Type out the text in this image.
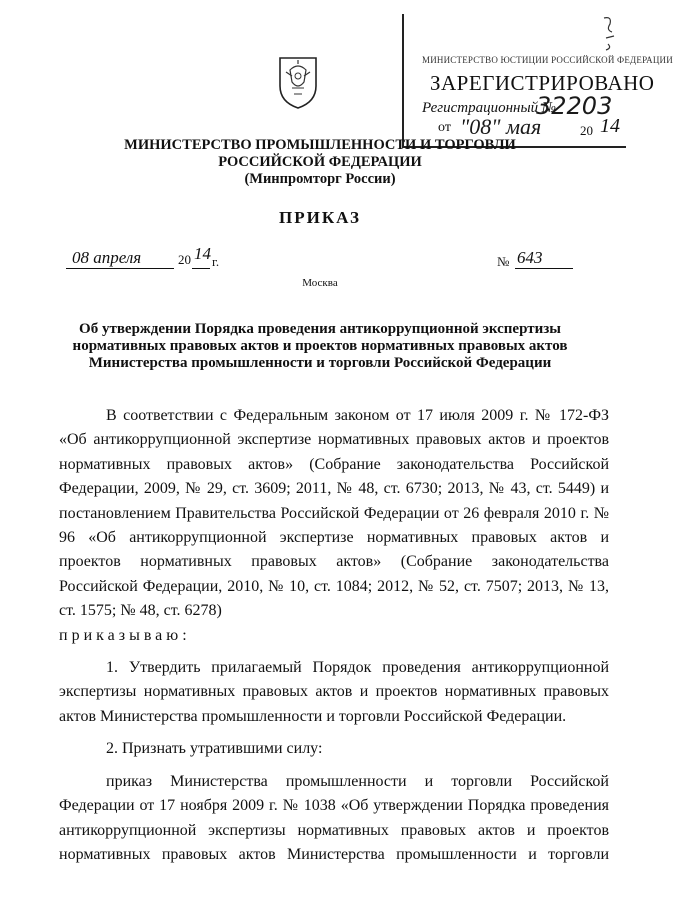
МИНИСТЕРСТВО ЮСТИЦИИ РОССИЙСКОЙ ФЕДЕРАЦИИ
ЗАРЕГИСТРИРОВАНО
Регистрационный №
32203
от "08" мая	20 14
МИНИСТЕРСТВО ПРОМЫШЛЕННОСТИ И ТОРГОВЛИ
РОССИЙСКОЙ ФЕДЕРАЦИИ
(Минпромторг России)
ПРИКАЗ
08 апреля	20 14 г.	№ 643
Москва
Об утверждении Порядка проведения антикоррупционной экспертизы
нормативных правовых актов и проектов нормативных правовых актов
Министерства промышленности и торговли Российской Федерации

В соответствии с Федеральным законом от 17 июля 2009 г. № 172-ФЗ «Об антикоррупционной экспертизе нормативных правовых актов и проектов нормативных правовых актов» (Собрание законодательства Российской Федерации, 2009, № 29, ст. 3609; 2011, № 48, ст. 6730; 2013, № 43, ст. 5449) и постановлением Правительства Российской Федерации от 26 февраля 2010 г. № 96 «Об антикоррупционной экспертизе нормативных правовых актов и проектов нормативных правовых актов» (Собрание законодательства Российской Федерации, 2010, № 10, ст. 1084; 2012, № 52, ст. 7507; 2013, № 13, ст. 1575; № 48, ст. 6278)

приказываю:

1. Утвердить прилагаемый Порядок проведения антикоррупционной экспертизы нормативных правовых актов и проектов нормативных правовых актов Министерства промышленности и торговли Российской Федерации.

2. Признать утратившими силу:

приказ Министерства промышленности и торговли Российской Федерации от 17 ноября 2009 г. № 1038 «Об утверждении Порядка проведения антикоррупционной экспертизы нормативных правовых актов и проектов нормативных правовых актов Министерства промышленности и торговли
